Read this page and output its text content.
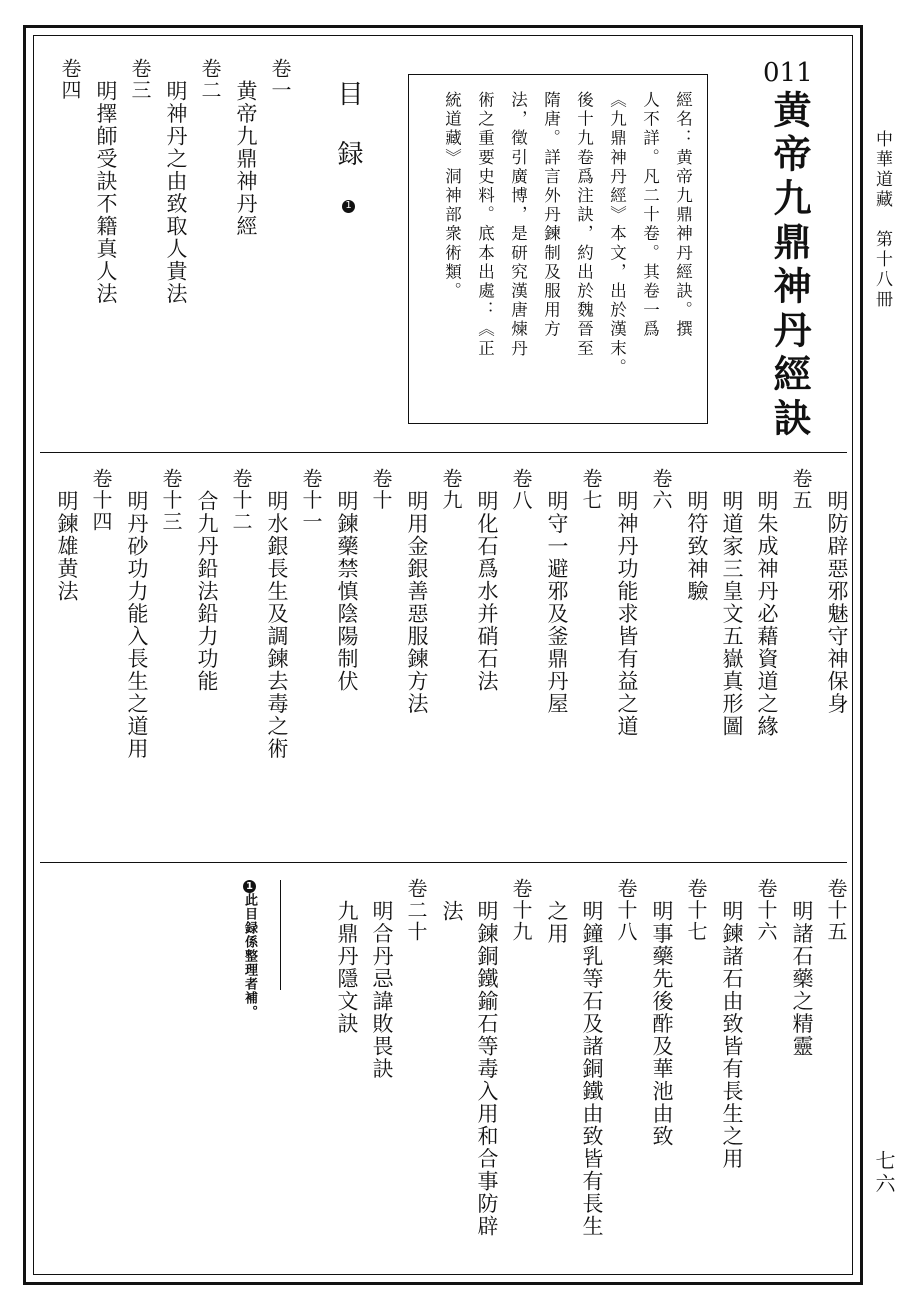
中華道藏　第十八冊
七六
011
黄帝九鼎神丹經訣
經名：黄帝九鼎神丹經訣。撰
人不詳。凡二十卷。其卷一爲
《九鼎神丹經》本文，出於漢末。
後十九卷爲注訣，約出於魏晉至
隋唐。詳言外丹鍊制及服用方
法，徵引廣博，是研究漢唐煉丹
術之重要史料。底本出處：《正
統道藏》洞神部衆術類。
目録1
卷一
黄帝九鼎神丹經
卷二
明神丹之由致取人貴法
卷三
明擇師受訣不籍真人法
卷四
明防辟惡邪魅守神保身
卷五
明朱成神丹必藉資道之緣
明道家三皇文五嶽真形圖
明符致神驗
卷六
明神丹功能求皆有益之道
卷七
明守一避邪及釜鼎丹屋
卷八
明化石爲水并硝石法
卷九
明用金銀善惡服鍊方法
卷十
明鍊藥禁慎陰陽制伏
卷十一
明水銀長生及調鍊去毒之術
卷十二
合九丹鉛法鉛力功能
卷十三
明丹砂功力能入長生之道用
卷十四
明鍊雄黄法
卷十五
明諸石藥之精靈
卷十六
明鍊諸石由致皆有長生之用
卷十七
明事藥先後酢及華池由致
卷十八
明鐘乳等石及諸銅鐵由致皆有長生
之用
卷十九
明鍊銅鐵鍮石等毒入用和合事防辟
法
卷二十
明合丹忌諱敗畏訣
九鼎丹隱文訣
1此目録係整理者補。
